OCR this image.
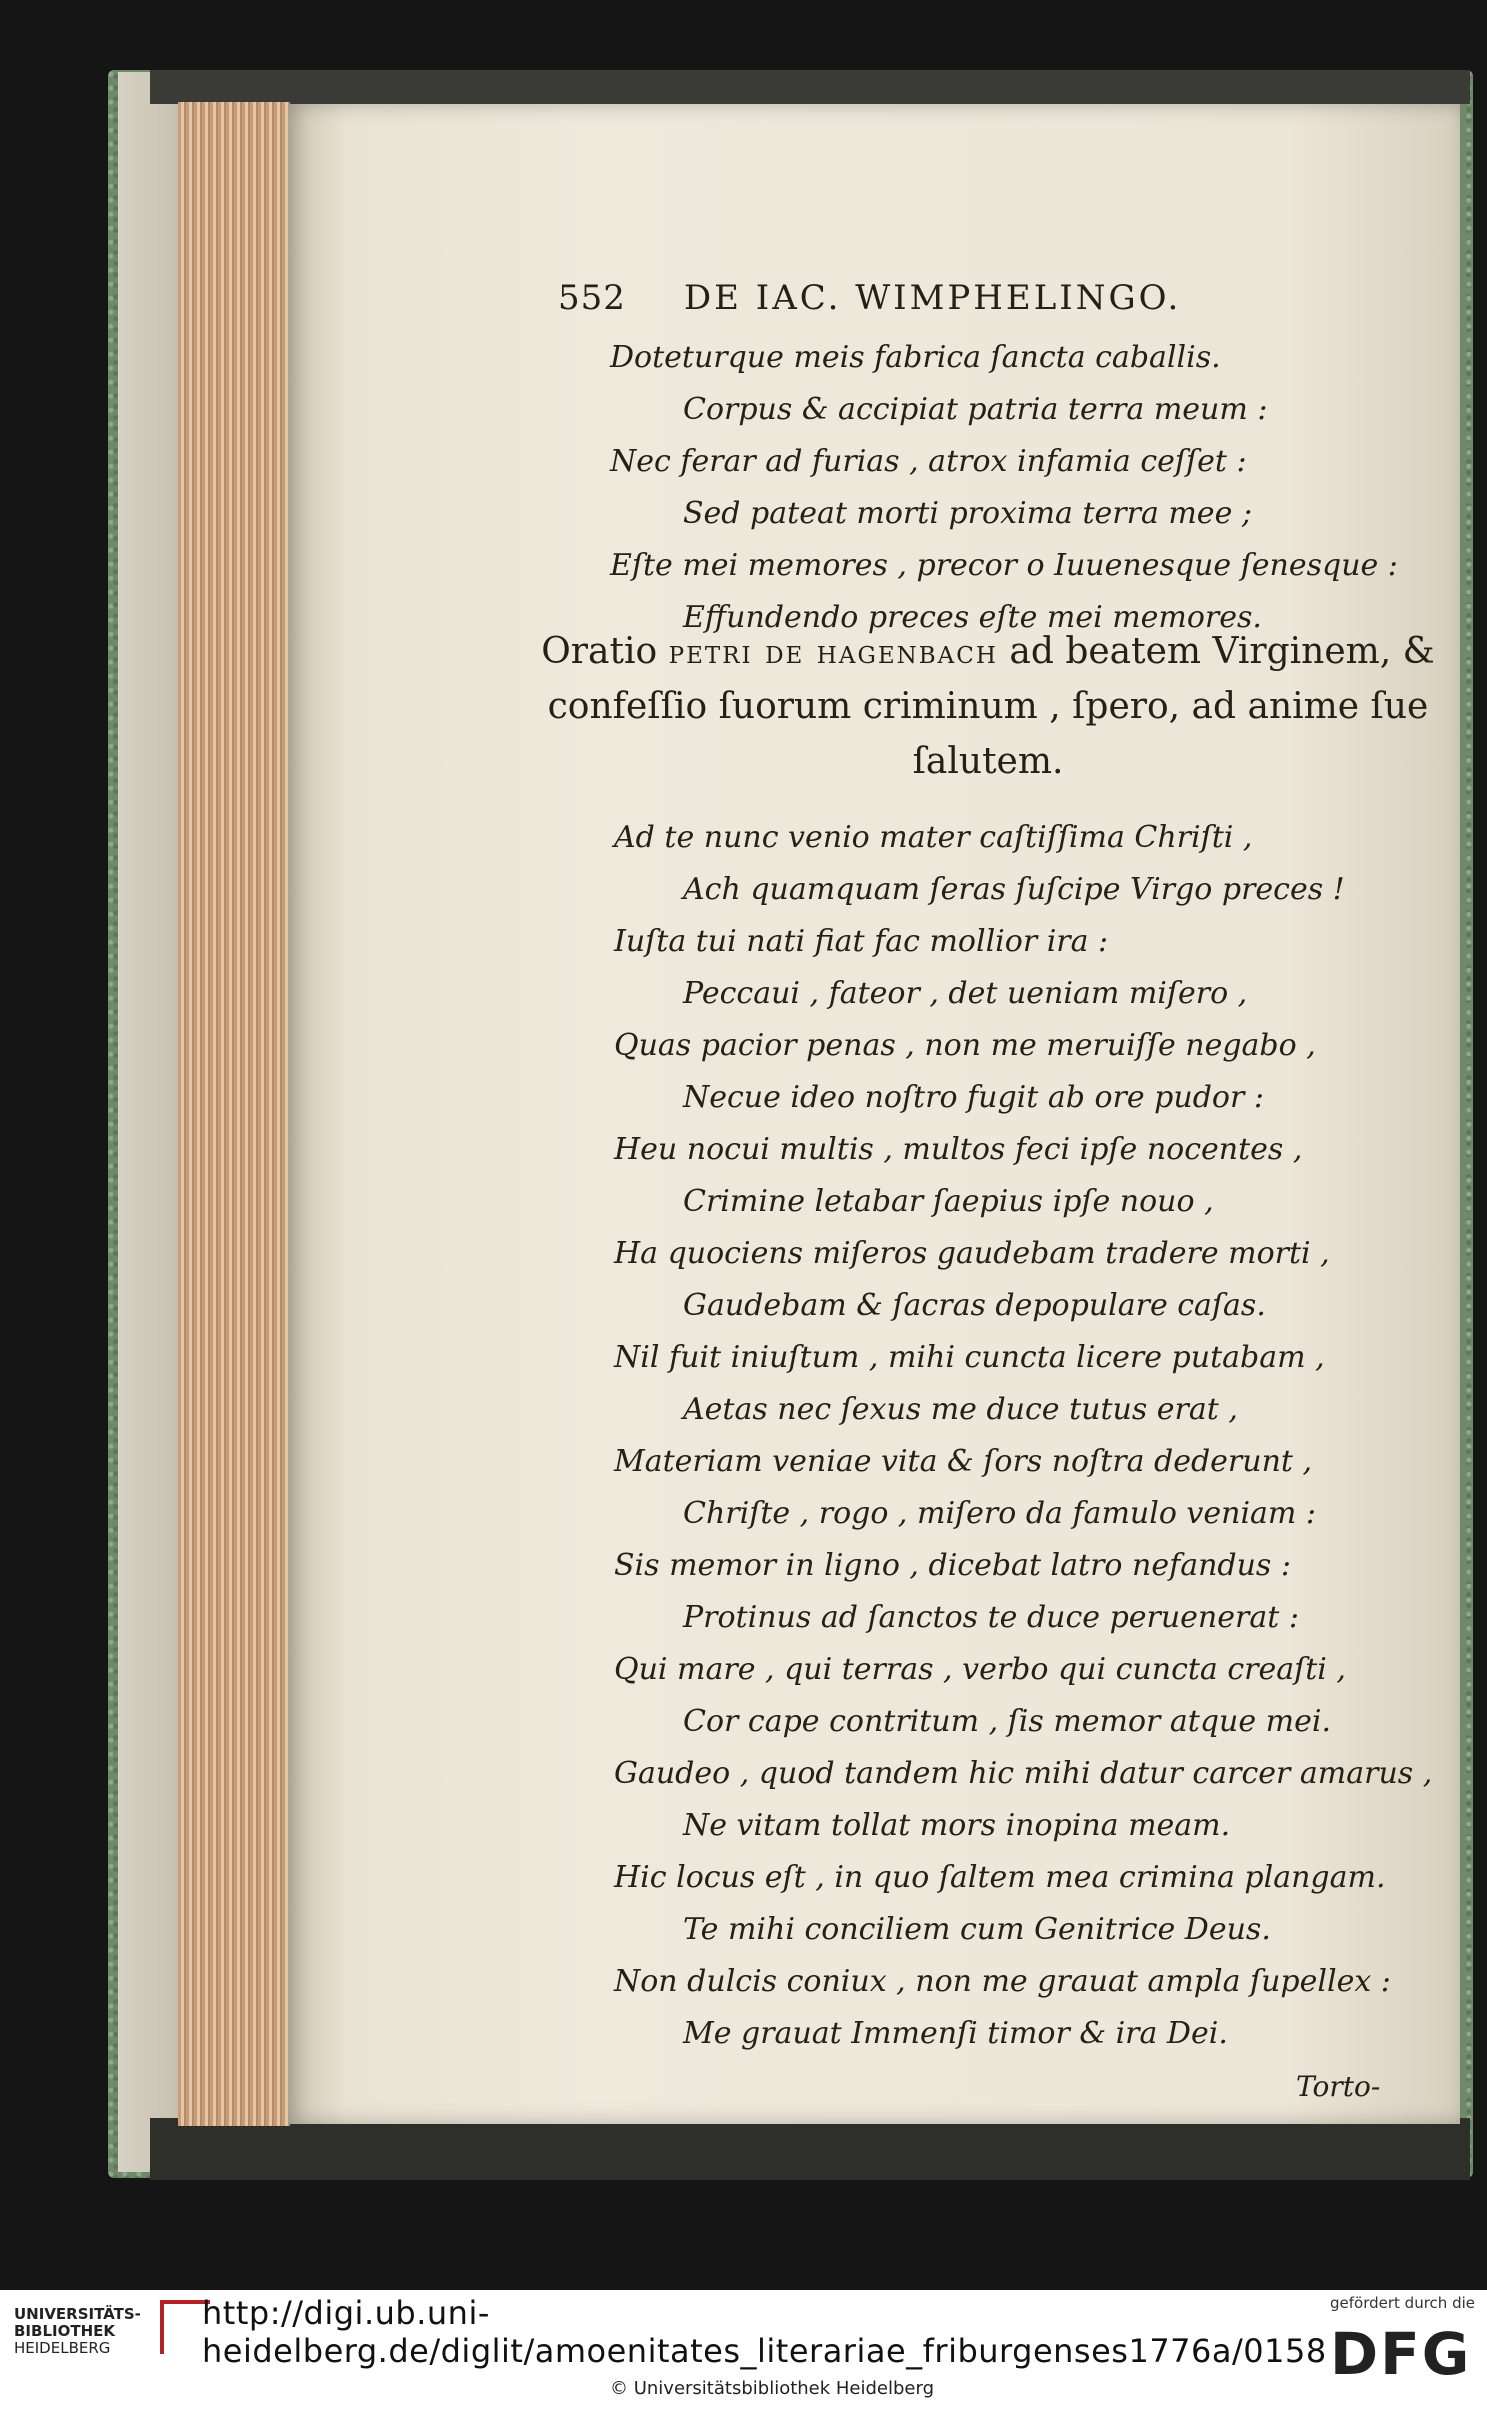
552 DE IAC. WIMPHELINGO.
Doteturque meis fabrica ſancta caballis.
Corpus & accipiat patria terra meum :
Nec ferar ad furias , atrox infamia ceſſet :
Sed pateat morti proxima terra mee ;
Eſte mei memores , precor o Iuuenesque ſenesque :
Effundendo preces eſte mei memores.
Oratio petri de hagenbach ad beatem Virginem, & confeſſio ſuorum criminum , ſpero, ad anime ſue ſalutem.
Ad te nunc venio mater caſtiſſima Chriſti ,
Ach quamquam ſeras ſuſcipe Virgo preces !
Iuſta tui nati fiat fac mollior ira :
Peccaui , fateor , det ueniam miſero ,
Quas pacior penas , non me meruiſſe negabo ,
Necue ideo noſtro fugit ab ore pudor :
Heu nocui multis , multos feci ipſe nocentes ,
Crimine letabar ſaepius ipſe nouo ,
Ha quociens miſeros gaudebam tradere morti ,
Gaudebam & ſacras depopulare caſas.
Nil fuit iniuſtum , mihi cuncta licere putabam ,
Aetas nec ſexus me duce tutus erat ,
Materiam veniae vita & ſors noſtra dederunt ,
Chriſte , rogo , miſero da famulo veniam :
Sis memor in ligno , dicebat latro nefandus :
Protinus ad ſanctos te duce peruenerat :
Qui mare , qui terras , verbo qui cuncta creaſti ,
Cor cape contritum , ſis memor atque mei.
Gaudeo , quod tandem hic mihi datur carcer amarus ,
Ne vitam tollat mors inopina meam.
Hic locus eſt , in quo ſaltem mea crimina plangam.
Te mihi conciliem cum Genitrice Deus.
Non dulcis coniux , non me grauat ampla ſupellex :
Me grauat Immenſi timor & ira Dei.
Torto-
UNIVERSITÄTS-
BIBLIOTHEK
HEIDELBERG
http://digi.ub.uni-heidelberg.de/diglit/amoenitates_literariae_friburgenses1776a/0158
© Universitätsbibliothek Heidelberg
gefördert durch die
DFG
